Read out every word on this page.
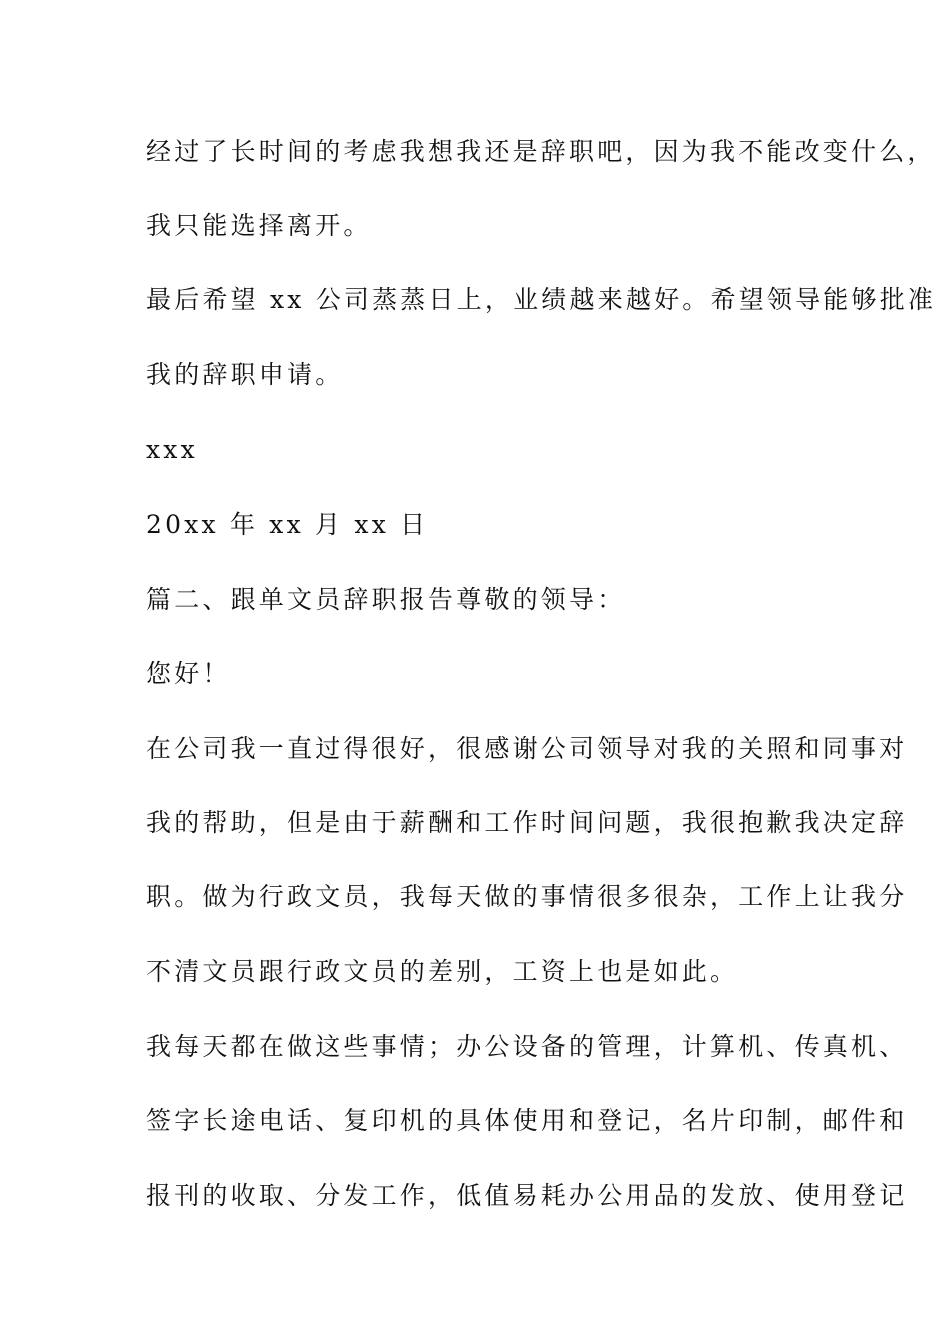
经过了长时间的考虑我想我还是辞职吧，因为我不能改变什么，
我只能选择离开。
最后希望 xx 公司蒸蒸日上，业绩越来越好。希望领导能够批准
我的辞职申请。
xxx
20xx 年 xx 月 xx 日
篇二、跟单文员辞职报告尊敬的领导：
您好！
在公司我一直过得很好，很感谢公司领导对我的关照和同事对
我的帮助，但是由于薪酬和工作时间问题，我很抱歉我决定辞
职。做为行政文员，我每天做的事情很多很杂，工作上让我分
不清文员跟行政文员的差别，工资上也是如此。
我每天都在做这些事情；办公设备的管理，计算机、传真机、
签字长途电话、复印机的具体使用和登记，名片印制，邮件和
报刊的收取、分发工作，低值易耗办公用品的发放、使用登记
